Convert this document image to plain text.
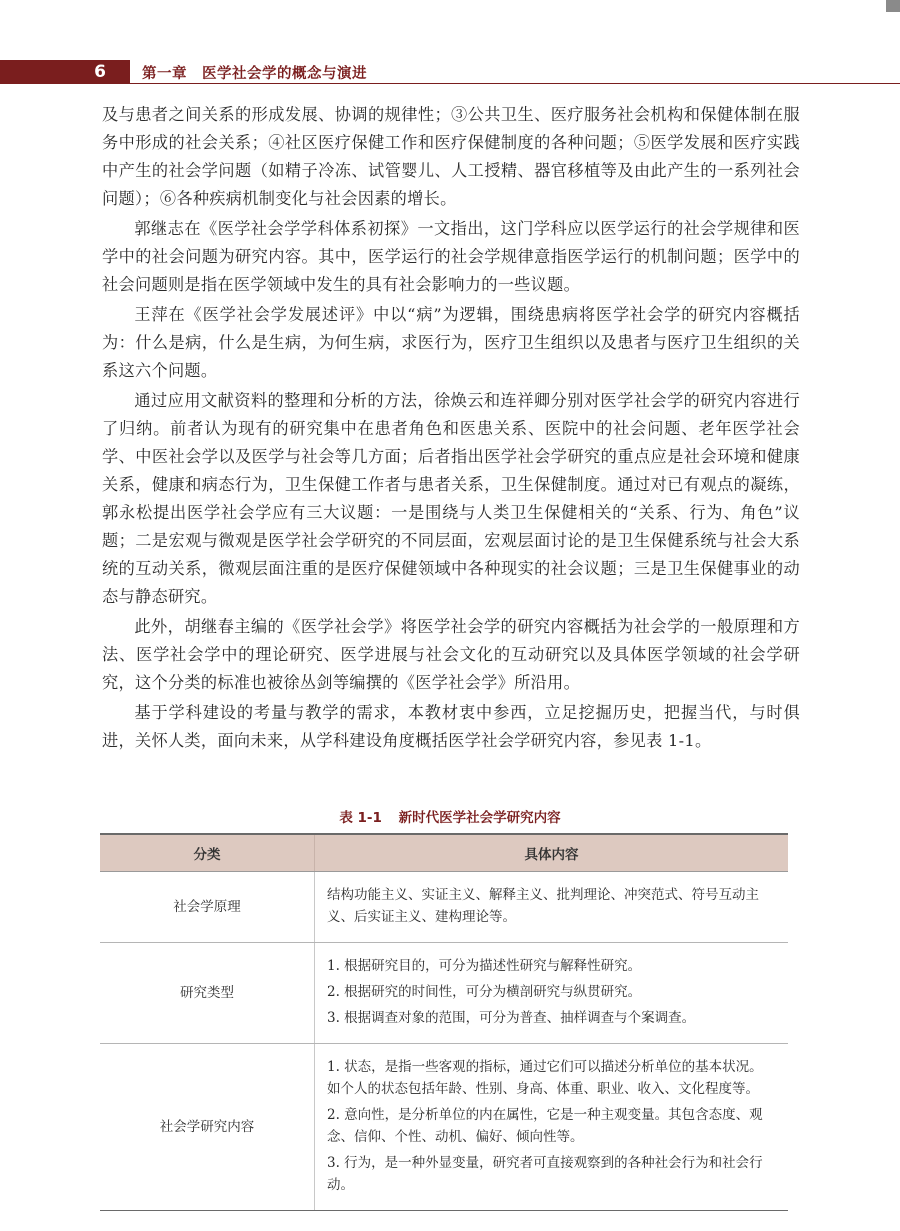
6 第一章　医学社会学的概念与演进

及与患者之间关系的形成发展、协调的规律性；③公共卫生、医疗服务社会机构和保健体制在服务中形成的社会关系；④社区医疗保健工作和医疗保健制度的各种问题；⑤医学发展和医疗实践中产生的社会学问题（如精子冷冻、试管婴儿、人工授精、器官移植等及由此产生的一系列社会问题）；⑥各种疾病机制变化与社会因素的增长。

郭继志在《医学社会学学科体系初探》一文指出，这门学科应以医学运行的社会学规律和医学中的社会问题为研究内容。其中，医学运行的社会学规律意指医学运行的机制问题；医学中的社会问题则是指在医学领域中发生的具有社会影响力的一些议题。

王萍在《医学社会学发展述评》中以“病”为逻辑，围绕患病将医学社会学的研究内容概括为：什么是病，什么是生病，为何生病，求医行为，医疗卫生组织以及患者与医疗卫生组织的关系这六个问题。

通过应用文献资料的整理和分析的方法，徐焕云和连祥卿分别对医学社会学的研究内容进行了归纳。前者认为现有的研究集中在患者角色和医患关系、医院中的社会问题、老年医学社会学、中医社会学以及医学与社会等几方面；后者指出医学社会学研究的重点应是社会环境和健康关系，健康和病态行为，卫生保健工作者与患者关系，卫生保健制度。通过对已有观点的凝练，郭永松提出医学社会学应有三大议题：一是围绕与人类卫生保健相关的“关系、行为、角色”议题；二是宏观与微观是医学社会学研究的不同层面，宏观层面讨论的是卫生保健系统与社会大系统的互动关系，微观层面注重的是医疗保健领域中各种现实的社会议题；三是卫生保健事业的动态与静态研究。

此外，胡继春主编的《医学社会学》将医学社会学的研究内容概括为社会学的一般原理和方法、医学社会学中的理论研究、医学进展与社会文化的互动研究以及具体医学领域的社会学研究，这个分类的标准也被徐丛剑等编撰的《医学社会学》所沿用。

基于学科建设的考量与教学的需求，本教材衷中参西，立足挖掘历史，把握当代，与时俱进，关怀人类，面向未来，从学科建设角度概括医学社会学研究内容，参见表 1-1。

表 1-1 新时代医学社会学研究内容
分类	具体内容
社会学原理	结构功能主义、实证主义、解释主义、批判理论、冲突范式、符号互动主义、后实证主义、建构理论等。

研究类型	1. 根据研究目的，可分为描述性研究与解释性研究。
2. 根据研究的时间性，可分为横剖研究与纵贯研究。
3. 根据调查对象的范围，可分为普查、抽样调查与个案调查。

社会学研究内容	1. 状态，是指一些客观的指标，通过它们可以描述分析单位的基本状况。如个人的状态包括年龄、性别、身高、体重、职业、收入、文化程度等。
2. 意向性，是分析单位的内在属性，它是一种主观变量。其包含态度、观念、信仰、个性、动机、偏好、倾向性等。
3. 行为，是一种外显变量，研究者可直接观察到的各种社会行为和社会行动。
